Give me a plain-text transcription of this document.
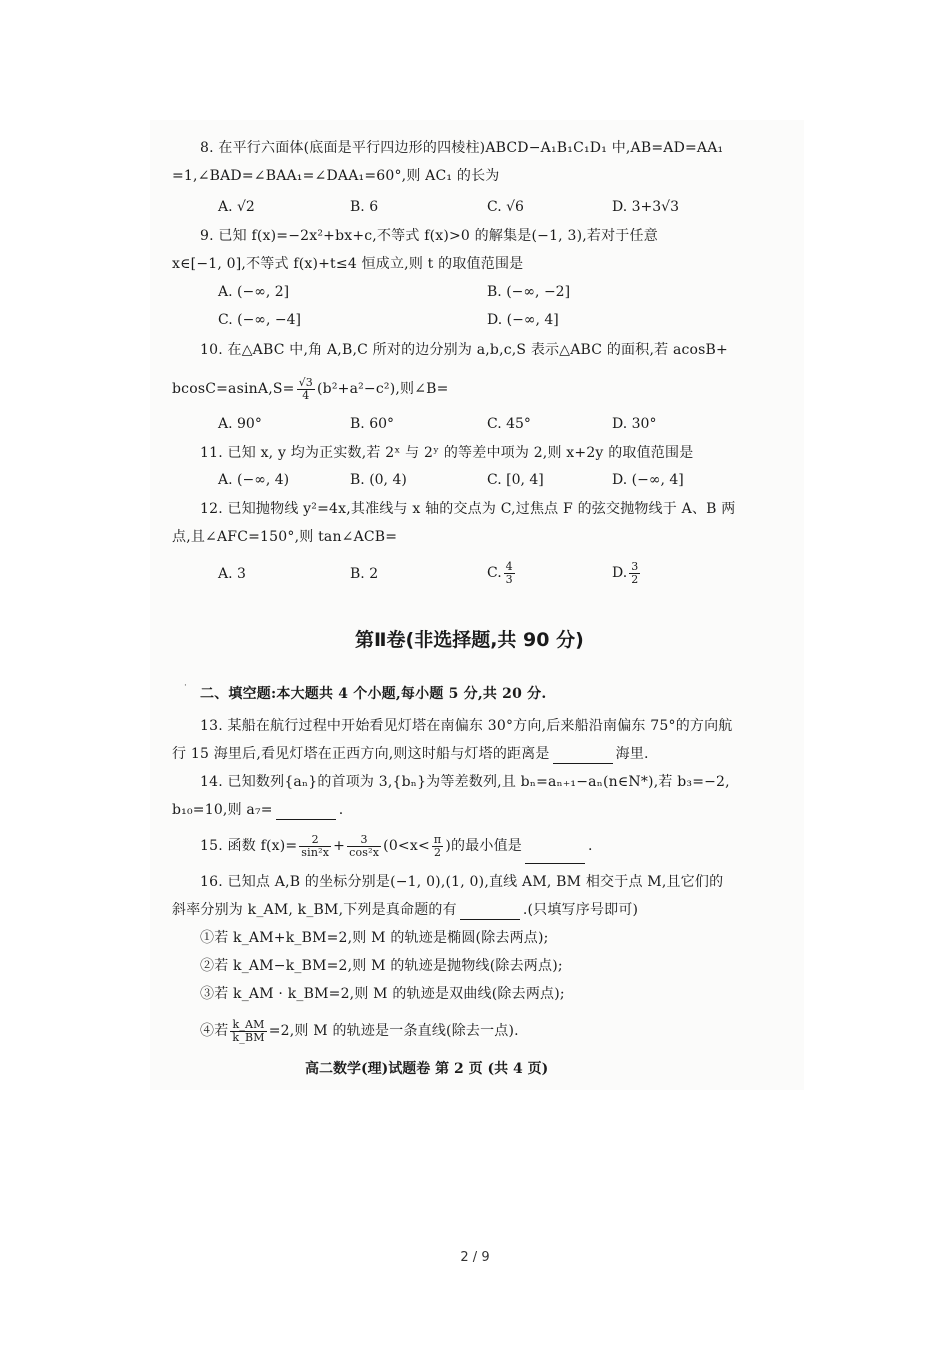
8. 在平行六面体(底面是平行四边形的四棱柱)ABCD−A₁B₁C₁D₁ 中,AB=AD=AA₁
=1,∠BAD=∠BAA₁=∠DAA₁=60°,则 AC₁ 的长为
A. √2	B. 6	C. √6	D. 3+3√3
9. 已知 f(x)=−2x²+bx+c,不等式 f(x)>0 的解集是(−1, 3),若对于任意
x∈[−1, 0],不等式 f(x)+t≤4 恒成立,则 t 的取值范围是
A. (−∞, 2]	B. (−∞, −2]
C. (−∞, −4]	D. (−∞, 4]
10. 在△ABC 中,角 A,B,C 所对的边分别为 a,b,c,S 表示△ABC 的面积,若 acosB+
$bcosC=asinA,S= \frac{√3}{4} (b^2+a^2-c^2)$,则∠B=
A. 90°	B. 60°	C. 45°	D. 30°
11. 已知 x, y 均为正实数,若 2ˣ 与 2ʸ 的等差中项为 2,则 x+2y 的取值范围是
A. (−∞, 4)	B. (0, 4)	C. [0, 4]	D. (−∞, 4]
12. 已知抛物线 y²=4x,其准线与 x 轴的交点为 C,过焦点 F 的弦交抛物线于 A、B 两
点,且∠AFC=150°,则 tan∠ACB=
A. 3	B. 2	C. $\frac{4}{3}$	D. $\frac{3}{2}$
第Ⅱ卷(非选择题,共 90 分)
二、填空题:本大题共 4 个小题,每小题 5 分,共 20 分.
·
13. 某船在航行过程中开始看见灯塔在南偏东 30°方向,后来船沿南偏东 75°的方向航
行 15 海里后,看见灯塔在正西方向,则这时船与灯塔的距离是	海里.
14. 已知数列{aₙ}的首项为 3,{bₙ}为等差数列,且 bₙ=aₙ₊₁−aₙ(n∈N*),若 b₃=−2,
b₁₀=10,则 a₇=	.
15. 函数 $f(x)= \frac{2}{\text{sin²x}} + \frac{3}{\text{cos²x}} (0<x< \frac{\pi}{2}$ )的最小值是	.
16. 已知点 A,B 的坐标分别是(−1, 0),(1, 0),直线 AM, BM 相交于点 M,且它们的
斜率分别为 k_AM, k_BM,下列是真命题的有	.(只填写序号即可)
①若 k_AM+k_BM=2,则 M 的轨迹是椭圆(除去两点);
②若 k_AM−k_BM=2,则 M 的轨迹是抛物线(除去两点);
③若 k_AM · k_BM=2,则 M 的轨迹是双曲线(除去两点);
④若 $\frac{k\_AM}{k\_BM} =2$,则 M 的轨迹是一条直线(除去一点).
高二数学(理)试题卷 第 2 页 (共 4 页)
2 / 9
